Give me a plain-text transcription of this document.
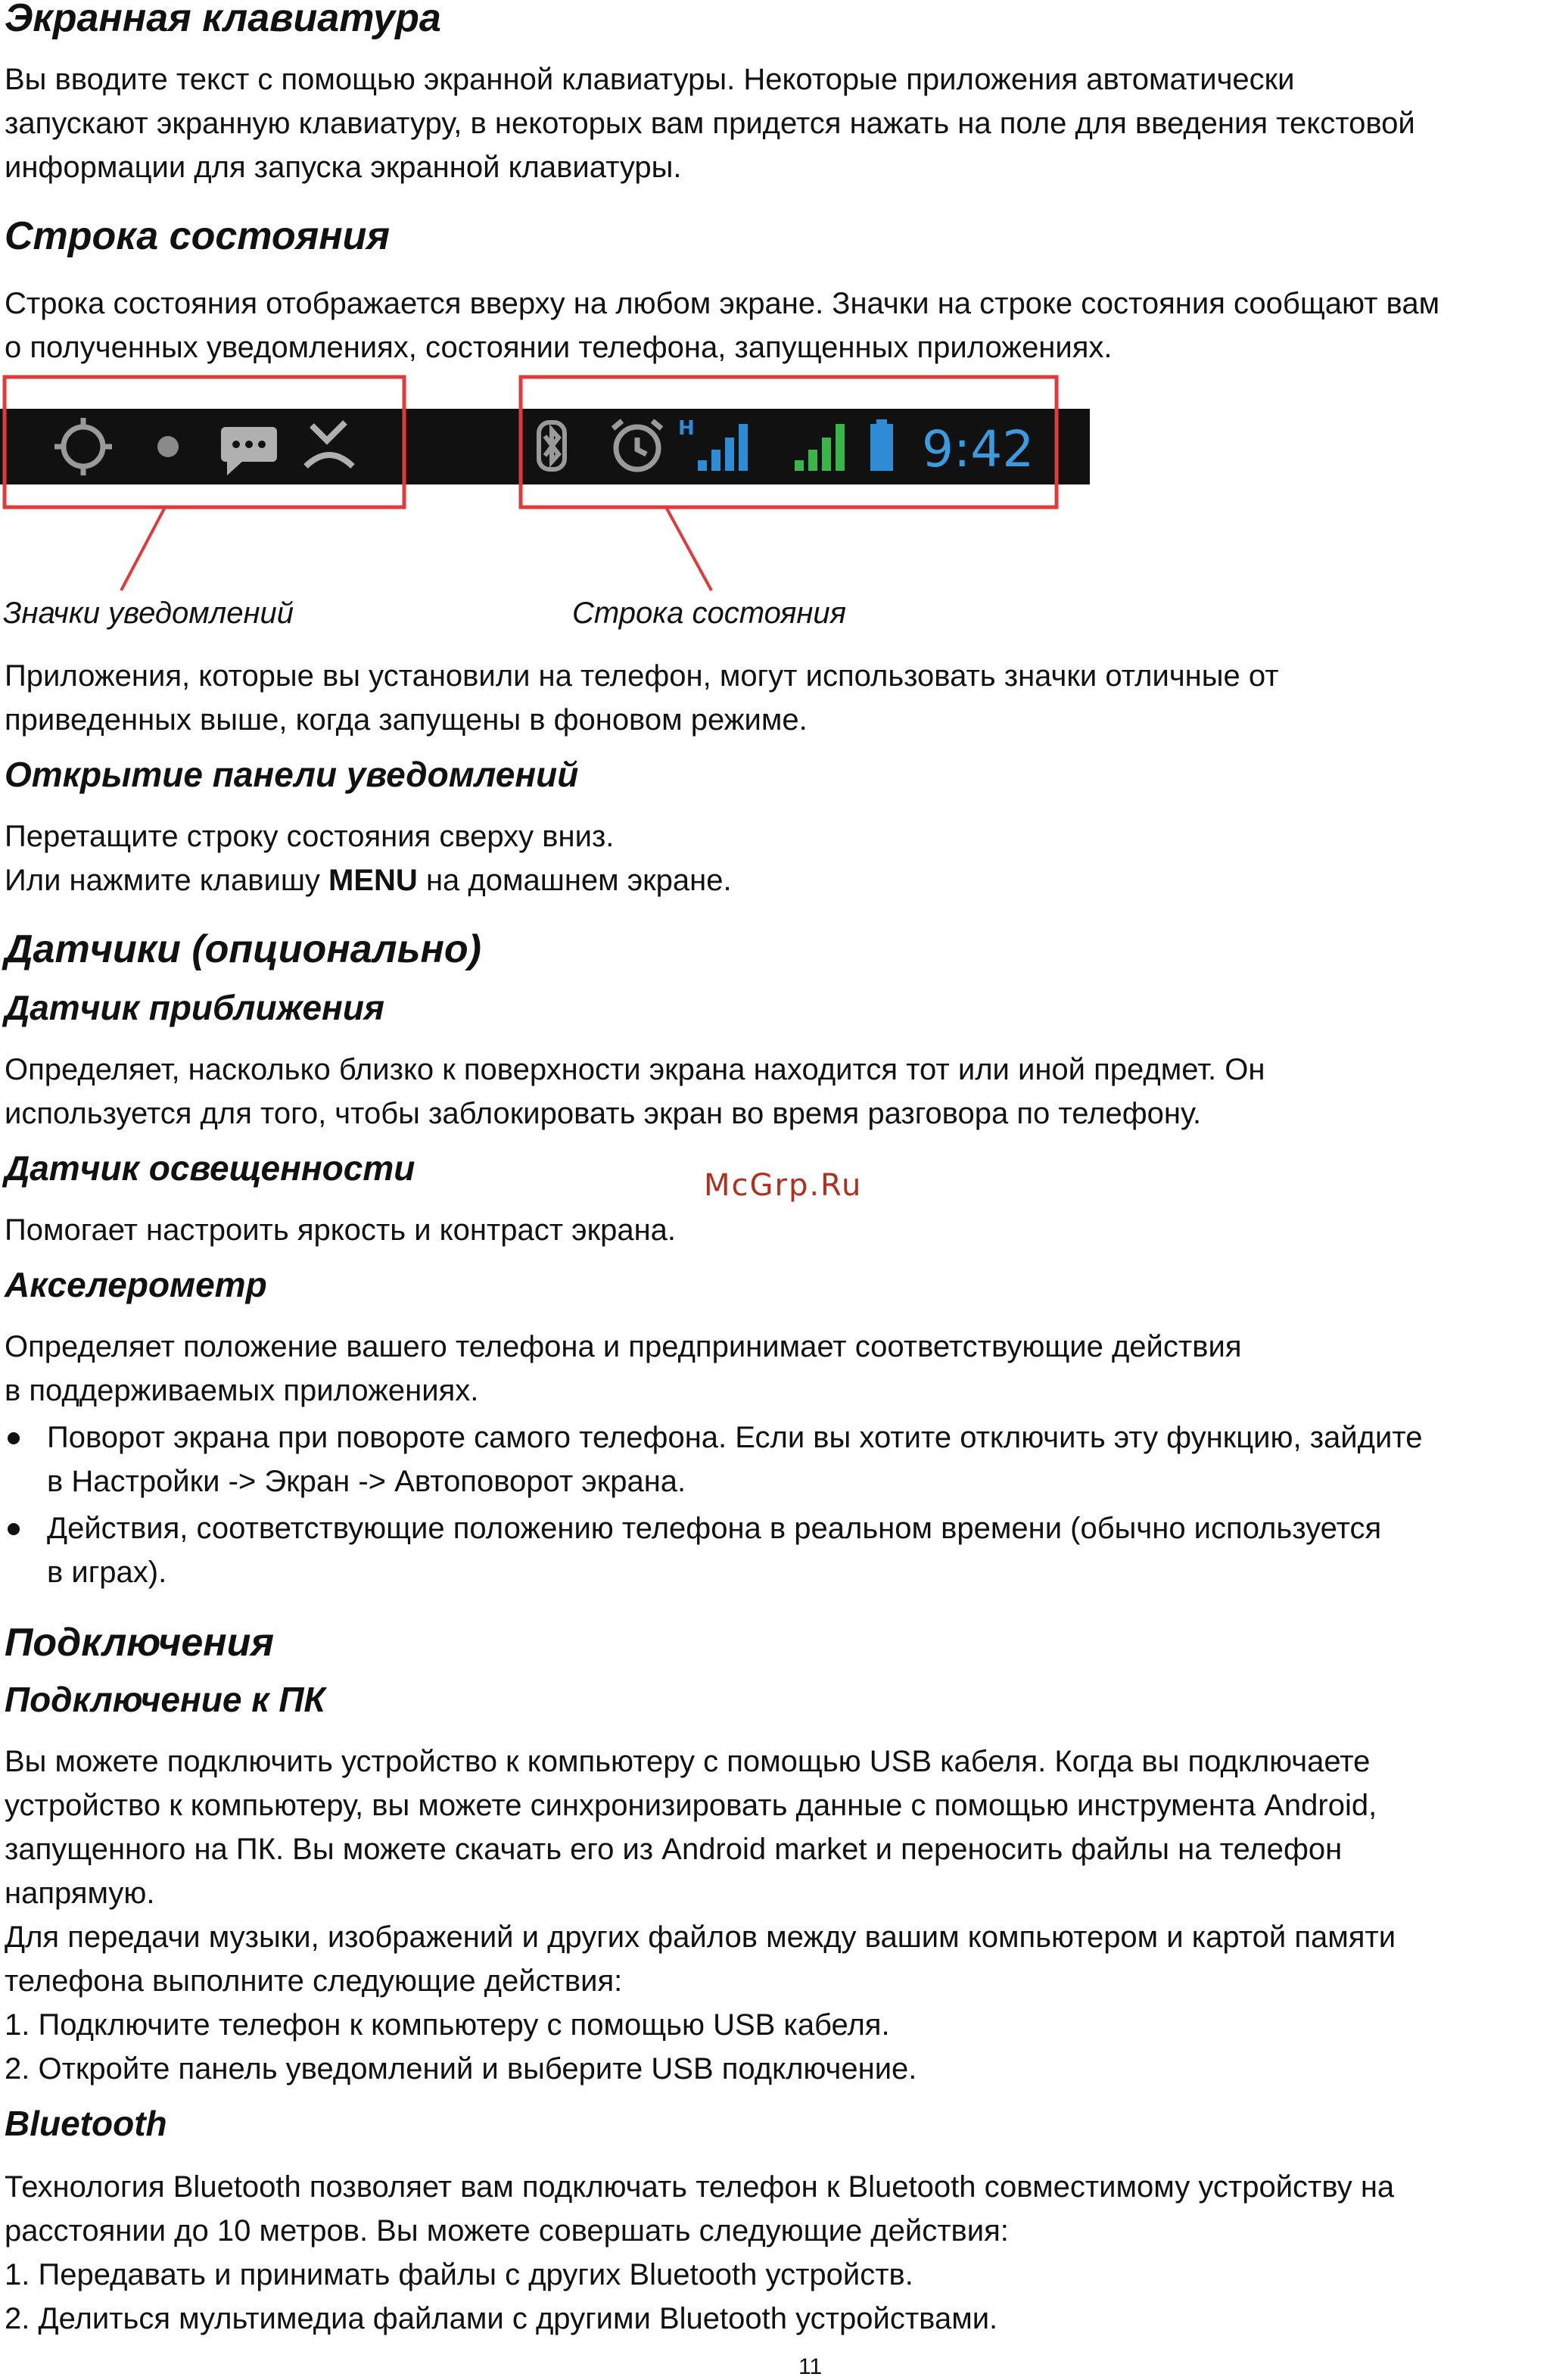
Экранная клавиатура
Вы вводите текст с помощью экранной клавиатуры. Некоторые приложения автоматически
запускают экранную клавиатуру, в некоторых вам придется нажать на поле для введения текстовой
информации для запуска экранной клавиатуры.
Строка состояния
Строка состояния отображается вверху на любом экране. Значки на строке состояния сообщают вам
о полученных уведомлениях, состоянии телефона, запущенных приложениях.
H	9:42
Значки уведомлений	Строка состояния
Приложения, которые вы установили на телефон, могут использовать значки отличные от
приведенных выше, когда запущены в фоновом режиме.
Открытие панели уведомлений
Перетащите строку состояния сверху вниз.
Или нажмите клавишу MENU на домашнем экране.
Датчики (опционально)
Датчик приближения
Определяет, насколько близко к поверхности экрана находится тот или иной предмет. Он
используется для того, чтобы заблокировать экран во время разговора по телефону.
Датчик освещенности	McGrp.Ru
Помогает настроить яркость и контраст экрана.
Акселерометр
Определяет положение вашего телефона и предпринимает соответствующие действия
в поддерживаемых приложениях.
Поворот экрана при повороте самого телефона. Если вы хотите отключить эту функцию, зайдите
в Настройки -> Экран -> Автоповорот экрана.
Действия, соответствующие положению телефона в реальном времени (обычно используется
в играх).
Подключения
Подключение к ПК
Вы можете подключить устройство к компьютеру с помощью USB кабеля. Когда вы подключаете
устройство к компьютеру, вы можете синхронизировать данные с помощью инструмента Android,
запущенного на ПК. Вы можете скачать его из Android market и переносить файлы на телефон
напрямую.
Для передачи музыки, изображений и других файлов между вашим компьютером и картой памяти
телефона выполните следующие действия:
1. Подключите телефон к компьютеру с помощью USB кабеля.
2. Откройте панель уведомлений и выберите USB подключение.
Bluetooth
Технология Bluetooth позволяет вам подключать телефон к Bluetooth совместимому устройству на
расстоянии до 10 метров. Вы можете совершать следующие действия:
1. Передавать и принимать файлы с других Bluetooth устройств.
2. Делиться мультимедиа файлами с другими Bluetooth устройствами.
11
